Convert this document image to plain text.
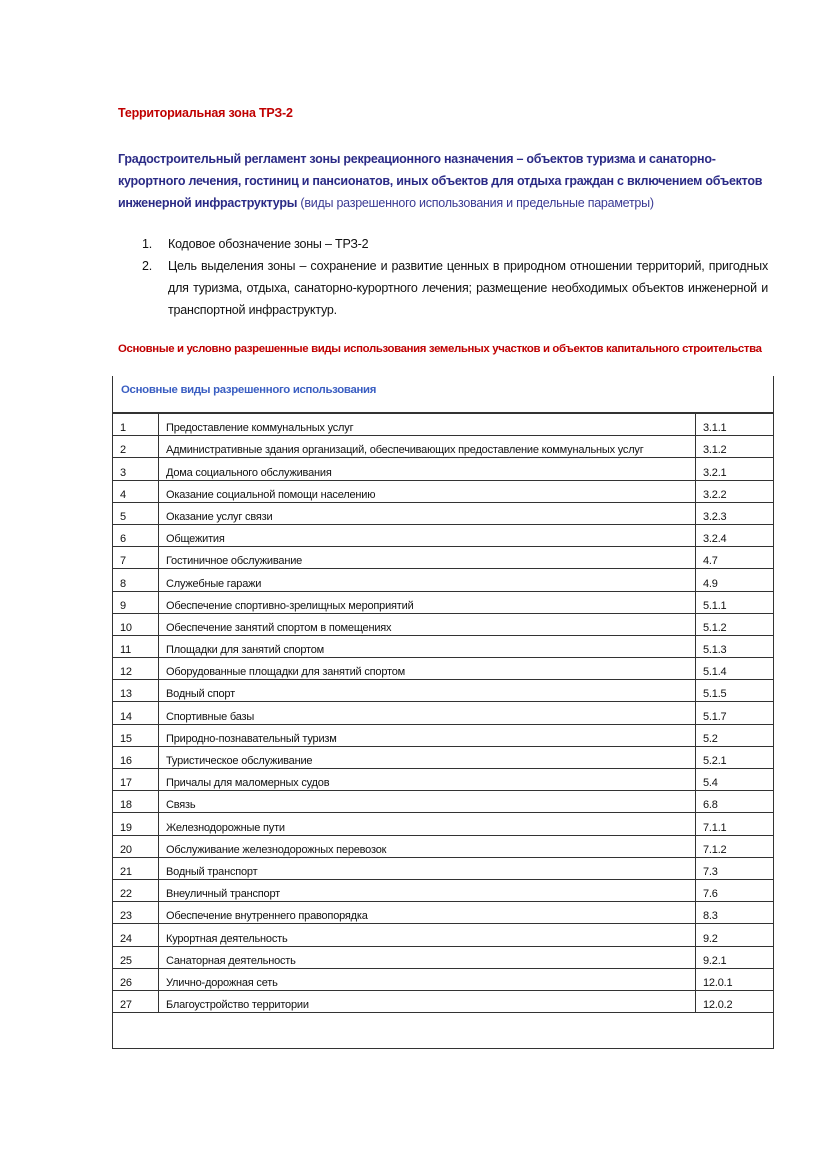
Территориальная зона ТРЗ-2
Градостроительный регламент зоны рекреационного назначения – объектов туризма и санаторно-курортного лечения, гостиниц и пансионатов, иных объектов для отдыха граждан с включением объектов инженерной инфраструктуры (виды разрешенного использования и предельные параметры)
1. Кодовое обозначение зоны – ТРЗ-2
2. Цель выделения зоны – сохранение и развитие ценных в природном отношении территорий, пригодных для туризма, отдыха, санаторно-курортного лечения; размещение необходимых объектов инженерной и транспортной инфраструктур.
Основные и условно разрешенные виды использования земельных участков и объектов капитального строительства
Основные виды разрешенного использования
1	Предоставление коммунальных услуг	3.1.1
2	Административные здания организаций, обеспечивающих предоставление коммунальных услуг	3.1.2
3	Дома социального обслуживания	3.2.1
4	Оказание социальной помощи населению	3.2.2
5	Оказание услуг связи	3.2.3
6	Общежития	3.2.4
7	Гостиничное обслуживание	4.7
8	Служебные гаражи	4.9
9	Обеспечение спортивно-зрелищных мероприятий	5.1.1
10	Обеспечение занятий спортом в помещениях	5.1.2
11	Площадки для занятий спортом	5.1.3
12	Оборудованные площадки для занятий спортом	5.1.4
13	Водный спорт	5.1.5
14	Спортивные базы	5.1.7
15	Природно-познавательный туризм	5.2
16	Туристическое обслуживание	5.2.1
17	Причалы для маломерных судов	5.4
18	Связь	6.8
19	Железнодорожные пути	7.1.1
20	Обслуживание железнодорожных перевозок	7.1.2
21	Водный транспорт	7.3
22	Внеуличный транспорт	7.6
23	Обеспечение внутреннего правопорядка	8.3
24	Курортная деятельность	9.2
25	Санаторная деятельность	9.2.1
26	Улично-дорожная сеть	12.0.1
27	Благоустройство территории	12.0.2
